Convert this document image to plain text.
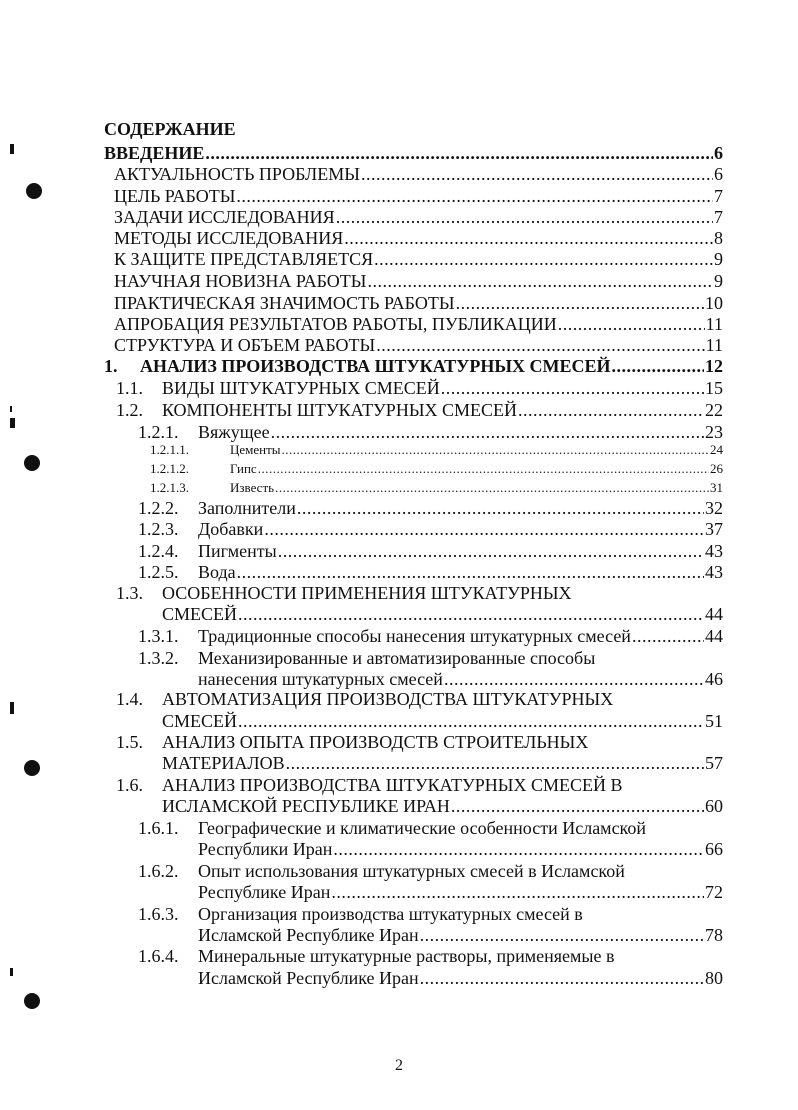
СОДЕРЖАНИЕ
ВВЕДЕНИЕ .....	6
АКТУАЛЬНОСТЬ ПРОБЛЕМЫ .....	6
ЦЕЛЬ РАБОТЫ .....	7
ЗАДАЧИ ИССЛЕДОВАНИЯ .....	7
МЕТОДЫ ИССЛЕДОВАНИЯ .....	8
К ЗАЩИТЕ ПРЕДСТАВЛЯЕТСЯ .....	9
НАУЧНАЯ НОВИЗНА РАБОТЫ .....	9
ПРАКТИЧЕСКАЯ ЗНАЧИМОСТЬ РАБОТЫ .....	10
АПРОБАЦИЯ РЕЗУЛЬТАТОВ РАБОТЫ, ПУБЛИКАЦИИ .....	11
СТРУКТУРА И ОБЪЕМ РАБОТЫ .....	11
1.	АНАЛИЗ ПРОИЗВОДСТВА ШТУКАТУРНЫХ СМЕСЕЙ .....	12
1.1.	ВИДЫ ШТУКАТУРНЫХ СМЕСЕЙ .....	15
1.2.	КОМПОНЕНТЫ ШТУКАТУРНЫХ СМЕСЕЙ .....	22
1.2.1.	Вяжущее .....	23
1.2.1.1.	Цементы .....	24
1.2.1.2.	Гипс .....	26
1.2.1.3.	Известь .....	31
1.2.2.	Заполнители .....	32
1.2.3.	Добавки .....	37
1.2.4.	Пигменты .....	43
1.2.5.	Вода .....	43
1.3. ОСОБЕННОСТИ ПРИМЕНЕНИЯ ШТУКАТУРНЫХ
СМЕСЕЙ .....	44
1.3.1.	Традиционные способы нанесения штукатурных смесей .....	44
1.3.2. Механизированные и автоматизированные способы
нанесения штукатурных смесей .....	46
1.4. АВТОМАТИЗАЦИЯ ПРОИЗВОДСТВА ШТУКАТУРНЫХ
СМЕСЕЙ .....	51
1.5. АНАЛИЗ ОПЫТА ПРОИЗВОДСТВ СТРОИТЕЛЬНЫХ
МАТЕРИАЛОВ .....	57
1.6. АНАЛИЗ ПРОИЗВОДСТВА ШТУКАТУРНЫХ СМЕСЕЙ В
ИСЛАМСКОЙ РЕСПУБЛИКЕ ИРАН .....	60
1.6.1. Географические и климатические особенности Исламской
Республики Иран .....	66
1.6.2. Опыт использования штукатурных смесей в Исламской
Республике Иран .....	72
1.6.3. Организация производства штукатурных смесей в
Исламской Республике Иран .....	78
1.6.4. Минеральные штукатурные растворы, применяемые в
Исламской Республике Иран .....	80
2
